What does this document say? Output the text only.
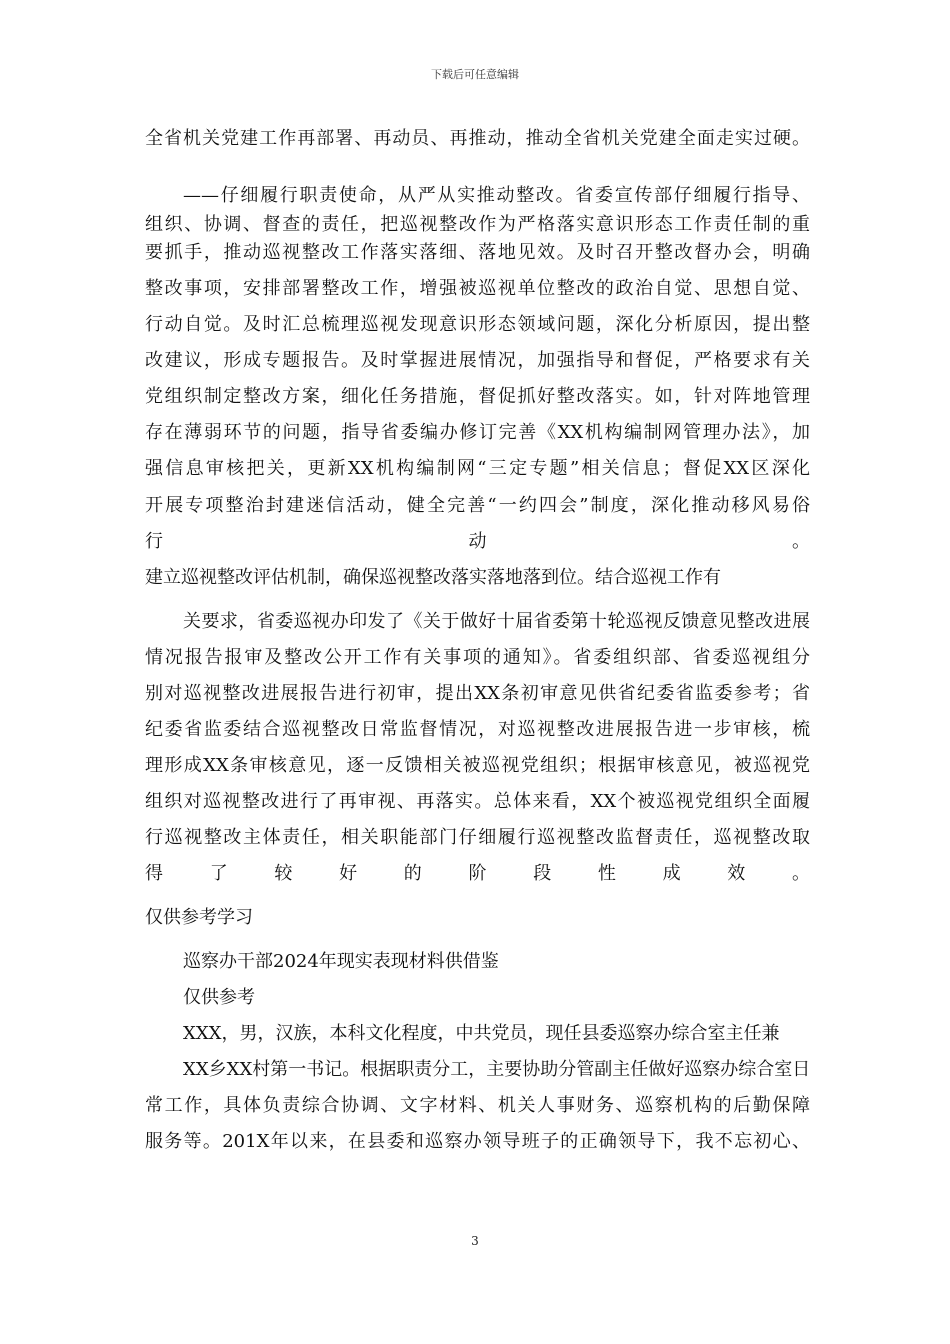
下载后可任意编辑
全省机关党建工作再部署、再动员、再推动，推动全省机关党建全面走实过硬。
——仔细履行职责使命，从严从实推动整改。省委宣传部仔细履行指导、
组织、协调、督查的责任，把巡视整改作为严格落实意识形态工作责任制的重
要抓手，推动巡视整改工作落实落细、落地见效。及时召开整改督办会，明确
整改事项，安排部署整改工作，增强被巡视单位整改的政治自觉、思想自觉、
行动自觉。及时汇总梳理巡视发现意识形态领域问题，深化分析原因，提出整
改建议，形成专题报告。及时掌握进展情况，加强指导和督促，严格要求有关
党组织制定整改方案，细化任务措施，督促抓好整改落实。如，针对阵地管理
存在薄弱环节的问题，指导省委编办修订完善《XX机构编制网管理办法》，加
强信息审核把关，更新XX机构编制网“三定专题”相关信息；督促XX区深化
开展专项整治封建迷信活动，健全完善“一约四会”制度，深化推动移风易俗
行动。
建立巡视整改评估机制，确保巡视整改落实落地落到位。结合巡视工作有
关要求，省委巡视办印发了《关于做好十届省委第十轮巡视反馈意见整改进展
情况报告报审及整改公开工作有关事项的通知》。省委组织部、省委巡视组分
别对巡视整改进展报告进行初审，提出XX条初审意见供省纪委省监委参考；省
纪委省监委结合巡视整改日常监督情况，对巡视整改进展报告进一步审核，梳
理形成XX条审核意见，逐一反馈相关被巡视党组织；根据审核意见，被巡视党
组织对巡视整改进行了再审视、再落实。总体来看，XX个被巡视党组织全面履
行巡视整改主体责任，相关职能部门仔细履行巡视整改监督责任，巡视整改取
得了较好的阶段性成效。
仅供参考学习
巡察办干部2024年现实表现材料供借鉴
仅供参考
XXX，男，汉族，本科文化程度，中共党员，现任县委巡察办综合室主任兼
XX乡XX村第一书记。根据职责分工，主要协助分管副主任做好巡察办综合室日
常工作，具体负责综合协调、文字材料、机关人事财务、巡察机构的后勤保障
服务等。201X年以来，在县委和巡察办领导班子的正确领导下，我不忘初心、
3
